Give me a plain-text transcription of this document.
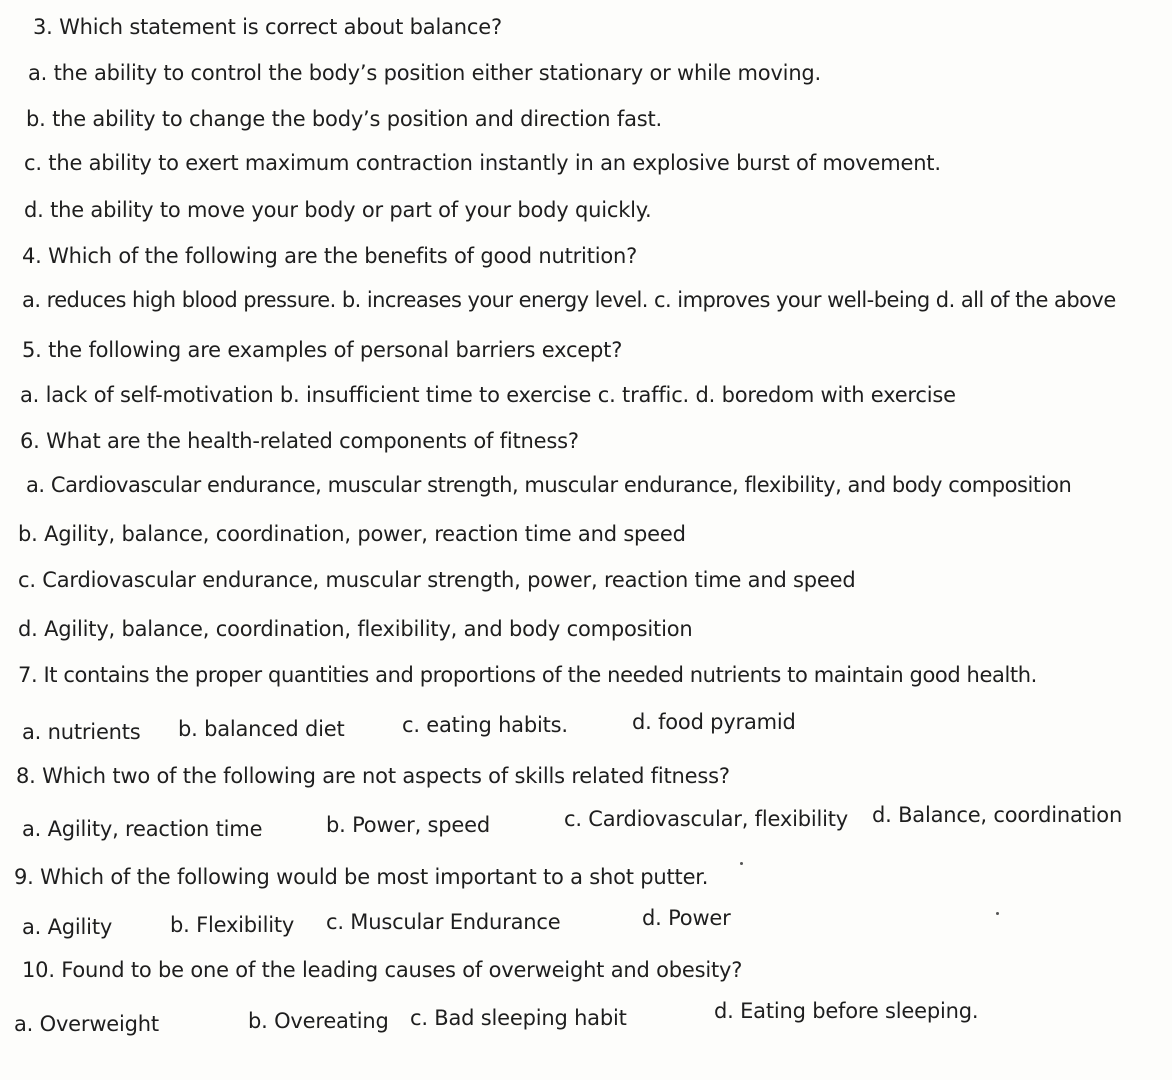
3. Which statement is correct about balance?
a. the ability to control the body’s position either stationary or while moving.
b. the ability to change the body’s position and direction fast.
c. the ability to exert maximum contraction instantly in an explosive burst of movement.
d. the ability to move your body or part of your body quickly.
4. Which of the following are the benefits of good nutrition?
a. reduces high blood pressure. b. increases your energy level. c. improves your well-being d. all of the above
5. the following are examples of personal barriers except?
a. lack of self-motivation b. insufficient time to exercise c. traffic. d. boredom with exercise
6. What are the health-related components of fitness?
a. Cardiovascular endurance, muscular strength, muscular endurance, flexibility, and body composition
b. Agility, balance, coordination, power, reaction time and speed
c. Cardiovascular endurance, muscular strength, power, reaction time and speed
d. Agility, balance, coordination, flexibility, and body composition
7. It contains the proper quantities and proportions of the needed nutrients to maintain good health.
a. nutrients b. balanced diet	c. eating habits.	d. food pyramid
8. Which two of the following are not aspects of skills related fitness?
a. Agility, reaction time	b. Power, speed	c. Cardiovascular, flexibility d. Balance, coordination
9. Which of the following would be most important to a shot putter.
a. Agility	b. Flexibility c. Muscular Endurance	d. Power
10. Found to be one of the leading causes of overweight and obesity?
a. Overweight	b. Overeating c. Bad sleeping habit	d. Eating before sleeping.
